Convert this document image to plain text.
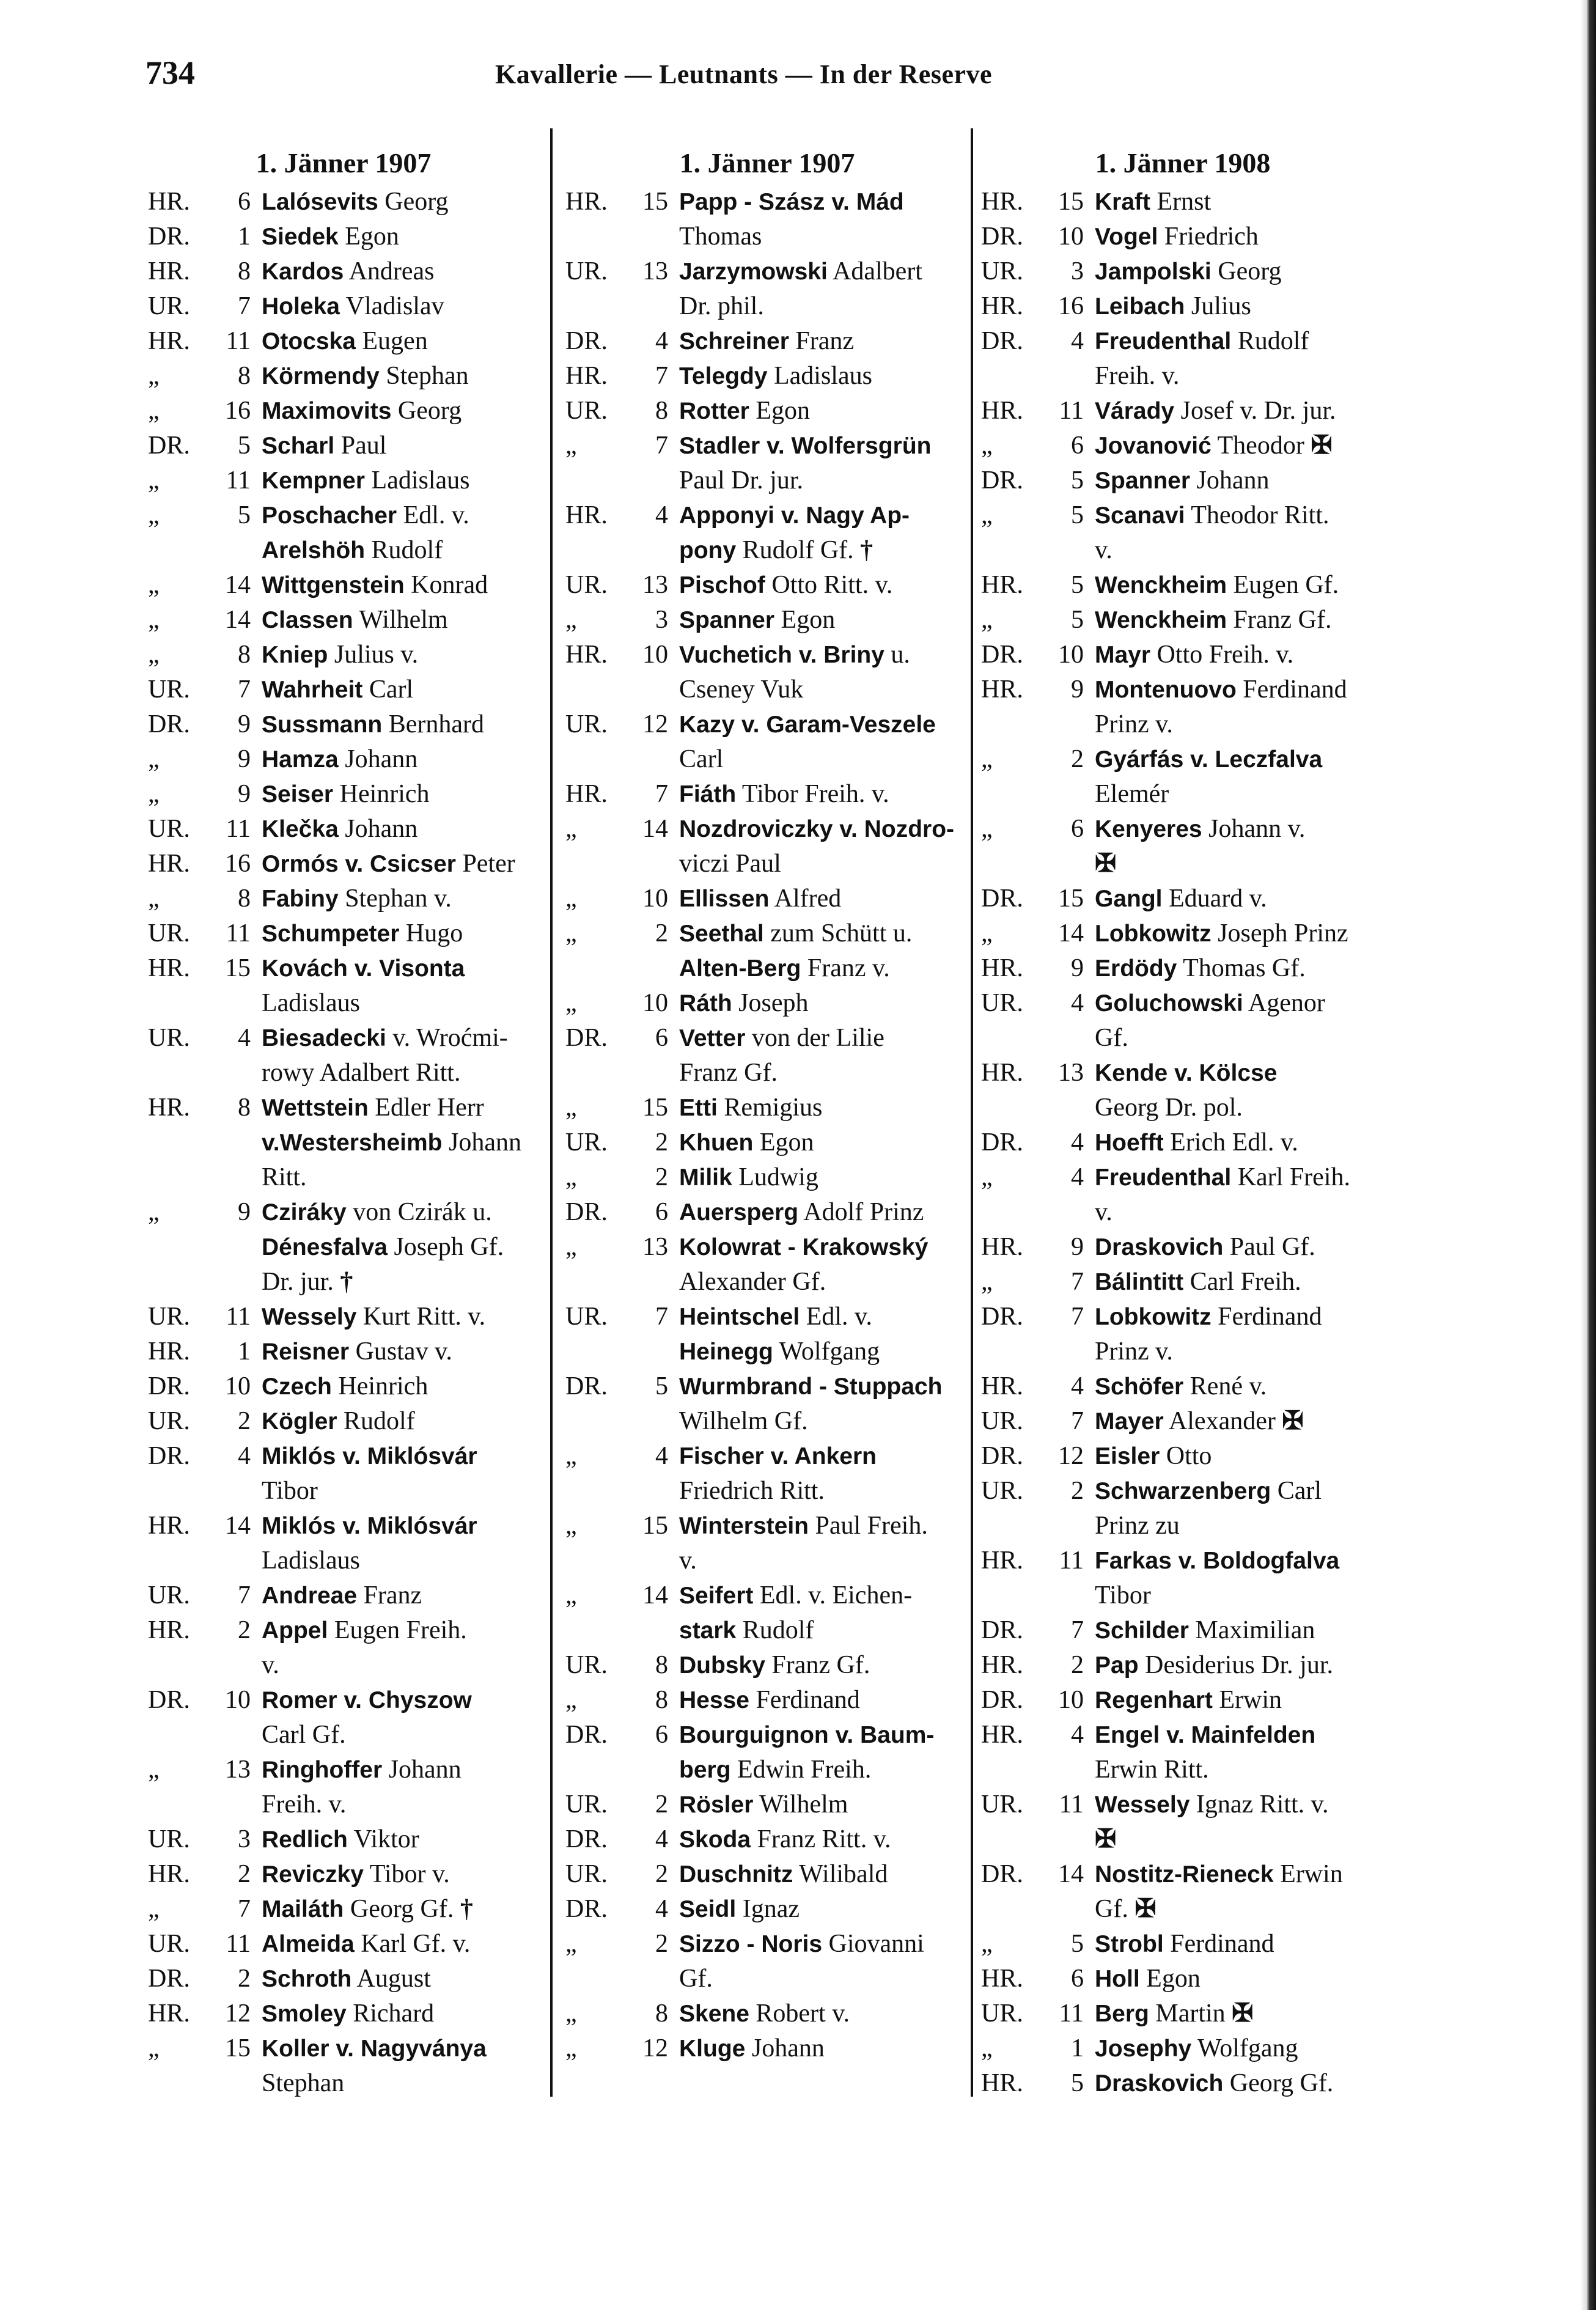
734	Kavallerie — Leutnants — In der Reserve
1. Jänner 1907
HR.	6 Lalósevits Georg
DR.	1 Siedek Egon
HR.	8 Kardos Andreas
UR.	7 Holeka Vladislav
HR.	11 Otocska Eugen
„	8 Körmendy Stephan
„	16 Maximovits Georg
DR.	5 Scharl Paul
„	11 Kempner Ladislaus
„	5 Poschacher Edl. v.
Arelshöh Rudolf
„	14 Wittgenstein Konrad
„	14 Classen Wilhelm
„	8 Kniep Julius v.
UR.	7 Wahrheit Carl
DR.	9 Sussmann Bernhard
„	9 Hamza Johann
„	9 Seiser Heinrich
UR.	11 Klečka Johann
HR.	16 Ormós v. Csicser Peter
„	8 Fabiny Stephan v.
UR.	11 Schumpeter Hugo
HR.	15 Kovách v. Visonta
Ladislaus
UR.	4 Biesadecki v. Wroćmi-
rowy Adalbert Ritt.
HR.	8 Wettstein Edler Herr
v.Westersheimb Johann
Ritt.
„	9 Cziráky von Czirák u.
Dénesfalva Joseph Gf.
Dr. jur. †
UR.	11 Wessely Kurt Ritt. v.
HR.	1 Reisner Gustav v.
DR.	10 Czech Heinrich
UR.	2 Kögler Rudolf
DR.	4 Miklós v. Miklósvár
Tibor
HR.	14 Miklós v. Miklósvár
Ladislaus
UR.	7 Andreae Franz
HR.	2 Appel Eugen Freih.
v.
DR.	10 Romer v. Chyszow
Carl Gf.
„	13 Ringhoffer Johann
Freih. v.
UR.	3 Redlich Viktor
HR.	2 Reviczky Tibor v.
„	7 Mailáth Georg Gf. †
UR.	11 Almeida Karl Gf. v.
DR.	2 Schroth August
HR.	12 Smoley Richard
„	15 Koller v. Nagyványa
Stephan
1. Jänner 1907
HR.	15 Papp - Szász v. Mád
Thomas
UR.	13 Jarzymowski Adalbert
Dr. phil.
DR.	4 Schreiner Franz
HR.	7 Telegdy Ladislaus
UR.	8 Rotter Egon
„	7 Stadler v. Wolfersgrün
Paul Dr. jur.
HR.	4 Apponyi v. Nagy Ap-
pony Rudolf Gf. †
UR.	13 Pischof Otto Ritt. v.
„	3 Spanner Egon
HR.	10 Vuchetich v. Briny u.
Cseney Vuk
UR.	12 Kazy v. Garam-Veszele
Carl
HR.	7 Fiáth Tibor Freih. v.
„	14 Nozdroviczky v. Nozdro-
viczi Paul
„	10 Ellissen Alfred
„	2 Seethal zum Schütt u.
Alten-Berg Franz v.
„	10 Ráth Joseph
DR.	6 Vetter von der Lilie
Franz Gf.
„	15 Etti Remigius
UR.	2 Khuen Egon
„	2 Milik Ludwig
DR.	6 Auersperg Adolf Prinz
„	13 Kolowrat - Krakowský
Alexander Gf.
UR.	7 Heintschel Edl. v.
Heinegg Wolfgang
DR.	5 Wurmbrand - Stuppach
Wilhelm Gf.
„	4 Fischer v. Ankern
Friedrich Ritt.
„	15 Winterstein Paul Freih.
v.
„	14 Seifert Edl. v. Eichen-
stark Rudolf
UR.	8 Dubsky Franz Gf.
„	8 Hesse Ferdinand
DR.	6 Bourguignon v. Baum-
berg Edwin Freih.
UR.	2 Rösler Wilhelm
DR.	4 Skoda Franz Ritt. v.
UR.	2 Duschnitz Wilibald
DR.	4 Seidl Ignaz
„	2 Sizzo - Noris Giovanni
Gf.
„	8 Skene Robert v.
„	12 Kluge Johann
1. Jänner 1908
HR.	15 Kraft Ernst
DR.	10 Vogel Friedrich
UR.	3 Jampolski Georg
HR.	16 Leibach Julius
DR.	4 Freudenthal Rudolf
Freih. v.
HR.	11 Várady Josef v. Dr. jur.
„	6 Jovanović Theodor ✠
DR.	5 Spanner Johann
„	5 Scanavi Theodor Ritt.
v.
HR.	5 Wenckheim Eugen Gf.
„	5 Wenckheim Franz Gf.
DR.	10 Mayr Otto Freih. v.
HR.	9 Montenuovo Ferdinand
Prinz v.
„	2 Gyárfás v. Leczfalva
Elemér
„	6 Kenyeres Johann v.
✠
DR.	15 Gangl Eduard v.
„	14 Lobkowitz Joseph Prinz
HR.	9 Erdödy Thomas Gf.
UR.	4 Goluchowski Agenor
Gf.
HR.	13 Kende v. Kölcse
Georg Dr. pol.
DR.	4 Hoefft Erich Edl. v.
„	4 Freudenthal Karl Freih.
v.
HR.	9 Draskovich Paul Gf.
„	7 Bálintitt Carl Freih.
DR.	7 Lobkowitz Ferdinand
Prinz v.
HR.	4 Schöfer René v.
UR.	7 Mayer Alexander ✠
DR.	12 Eisler Otto
UR.	2 Schwarzenberg Carl
Prinz zu
HR.	11 Farkas v. Boldogfalva
Tibor
DR.	7 Schilder Maximilian
HR.	2 Pap Desiderius Dr. jur.
DR.	10 Regenhart Erwin
HR.	4 Engel v. Mainfelden
Erwin Ritt.
UR.	11 Wessely Ignaz Ritt. v.
✠
DR.	14 Nostitz-Rieneck Erwin
Gf. ✠
„	5 Strobl Ferdinand
HR.	6 Holl Egon
UR.	11 Berg Martin ✠
„	1 Josephy Wolfgang
HR.	5 Draskovich Georg Gf.
